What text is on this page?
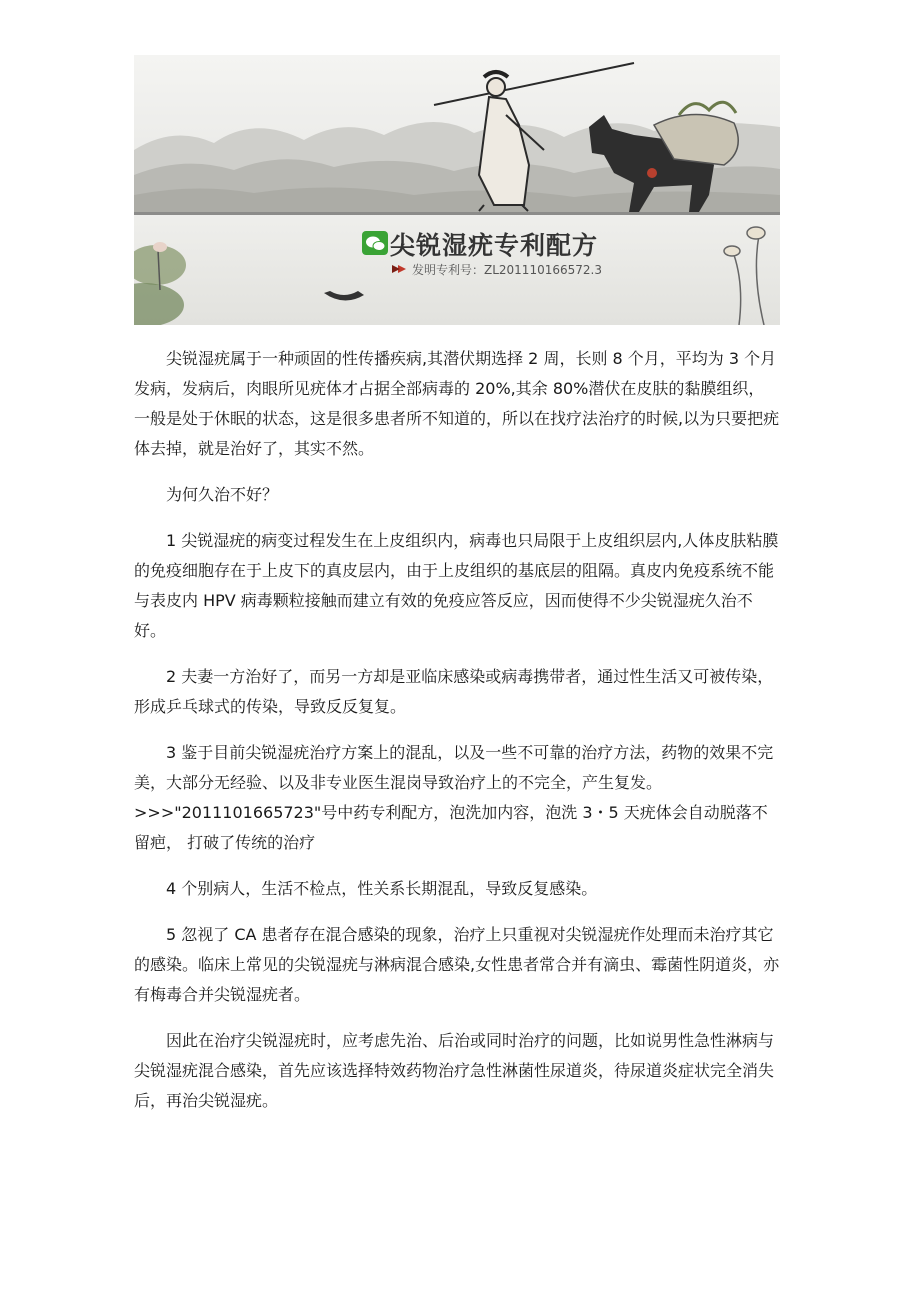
尖锐湿疣专利配方
发明专利号：ZL201110166572.3

尖锐湿疣属于一种顽固的性传播疾病,其潜伏期选择 2 周，长则 8 个月，平均为 3 个月发病，发病后，肉眼所见疣体才占据全部病毒的 20%,其余 80%潜伏在皮肤的黏膜组织，一般是处于休眠的状态，这是很多患者所不知道的，所以在找疗法治疗的时候,以为只要把疣体去掉，就是治好了，其实不然。

为何久治不好？

1 尖锐湿疣的病变过程发生在上皮组织内，病毒也只局限于上皮组织层内,人体皮肤粘膜的免疫细胞存在于上皮下的真皮层内，由于上皮组织的基底层的阻隔。真皮内免疫系统不能与表皮内 HPV 病毒颗粒接触而建立有效的免疫应答反应，因而使得不少尖锐湿疣久治不好。

2 夫妻一方治好了，而另一方却是亚临床感染或病毒携带者，通过性生活又可被传染，形成乒乓球式的传染，导致反反复复。

3 鉴于目前尖锐湿疣治疗方案上的混乱，以及一些不可靠的治疗方法，药物的效果不完美，大部分无经验、以及非专业医生混岗导致治疗上的不完全，产生复发。

>>>"2011101665723"号中药专利配方，泡洗加内容，泡洗 3・5 天疣体会自动脱落不留疤， 打破了传统的治疗

4 个别病人，生活不检点，性关系长期混乱，导致反复感染。

5 忽视了 CA 患者存在混合感染的现象，治疗上只重视对尖锐湿疣作处理而未治疗其它的感染。临床上常见的尖锐湿疣与淋病混合感染,女性患者常合并有滴虫、霉菌性阴道炎，亦有梅毒合并尖锐湿疣者。

因此在治疗尖锐湿疣时，应考虑先治、后治或同时治疗的问题，比如说男性急性淋病与尖锐湿疣混合感染，首先应该选择特效药物治疗急性淋菌性尿道炎，待尿道炎症状完全消失后，再治尖锐湿疣。
